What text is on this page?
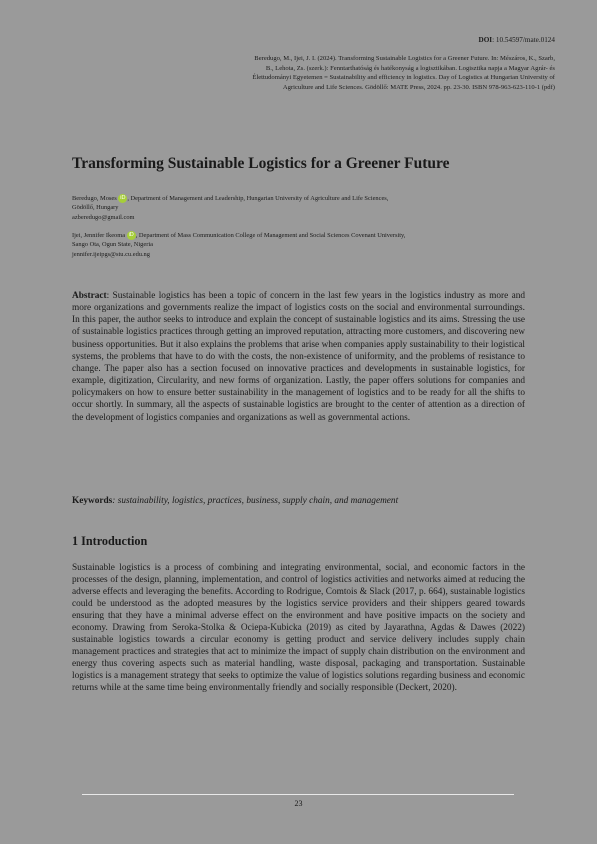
DOI: 10.54597/mate.0124
Beredugo, M., Ijei, J. I. (2024). Transforming Sustainable Logistics for a Greener Future. In: Mészáros, K., Szarb, B., Lehota, Zs. (szerk.): Fenntarthatóság és hatékonyság a logisztikában. Logisztika napja a Magyar Agrár- és Élettudományi Egyetemen = Sustainability and efficiency in logistics. Day of Logistics at Hungarian University of Agriculture and Life Sciences. Gödöllő: MATE Press, 2024. pp. 23-30. ISBN 978-963-623-110-1 (pdf)
Transforming Sustainable Logistics for a Greener Future
Beredugo, Moses iD , Department of Management and Leadership, Hungarian University of Agriculture and Life Sciences,
Gödöllő, Hungary
azberedugo@gmail.com
Ijei, Jennifer Ikeoma iD , Department of Mass Communication College of Management and Social Sciences Covenant University,
Sango Ota, Ogun State, Nigeria
jennifer.ijeipgs@stu.cu.edu.ng

Abstract: Sustainable logistics has been a topic of concern in the last few years in the logistics industry as more and more organizations and governments realize the impact of logistics costs on the social and environmental surroundings. In this paper, the author seeks to introduce and explain the concept of sustainable logistics and its aims. Stressing the use of sustainable logistics practices through getting an improved reputation, attracting more customers, and discovering new business opportunities. But it also explains the problems that arise when companies apply sustainability to their logistical systems, the problems that have to do with the costs, the non-existence of uniformity, and the problems of resistance to change. The paper also has a section focused on innovative practices and developments in sustainable logistics, for example, digitization, Circularity, and new forms of organization. Lastly, the paper offers solutions for companies and policymakers on how to ensure better sustainability in the management of logistics and to be ready for all the shifts to occur shortly. In summary, all the aspects of sustainable logistics are brought to the center of attention as a direction of the development of logistics companies and organizations as well as governmental actions.

Keywords: sustainability, logistics, practices, business, supply chain, and management

1 Introduction

Sustainable logistics is a process of combining and integrating environmental, social, and economic factors in the processes of the design, planning, implementation, and control of logistics activities and networks aimed at reducing the adverse effects and leveraging the benefits. According to Rodrigue, Comtois & Slack (2017, p. 664), sustainable logistics could be understood as the adopted measures by the logistics service providers and their shippers geared towards ensuring that they have a minimal adverse effect on the environment and have positive impacts on the society and economy. Drawing from Seroka-Stolka & Ociepa-Kubicka (2019) as cited by Jayarathna, Agdas & Dawes (2022) sustainable logistics towards a circular economy is getting product and service delivery includes supply chain management practices and strategies that act to minimize the impact of supply chain distribution on the environment and energy thus covering aspects such as material handling, waste disposal, packaging and transportation. Sustainable logistics is a management strategy that seeks to optimize the value of logistics solutions regarding business and economic returns while at the same time being environmentally friendly and socially responsible (Deckert, 2020).

23
